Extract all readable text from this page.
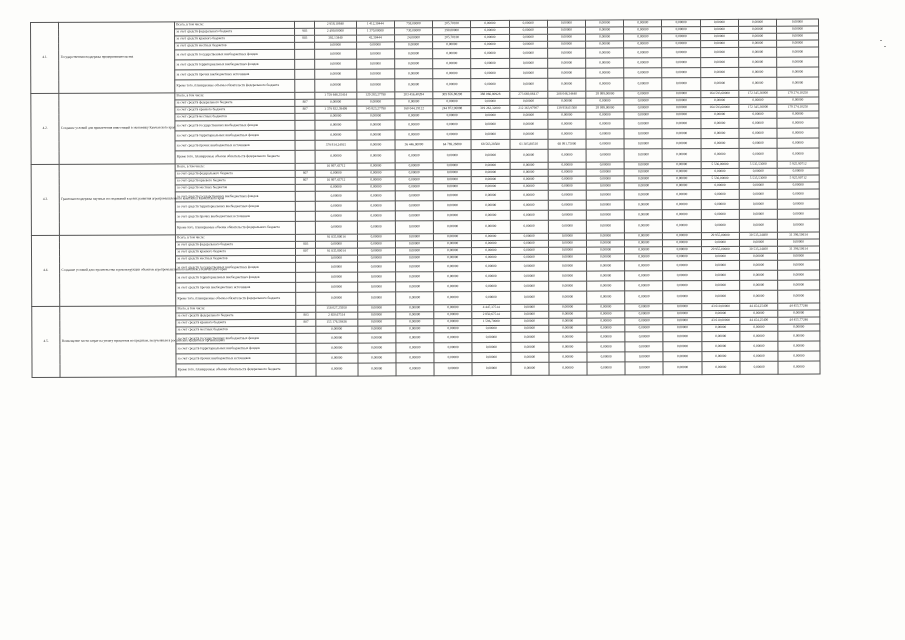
4.1.	Государственная поддержка предпринимательства	Всего, в том числе:		2 958,10840	1 412,30444	758,00000	205,70100	0,00000	0,00000	0,00000	0,00000	0,00000	0,00000	0,00000	0,00000	0,00000
		за счет средств федерального бюджета	903	2 490,00000	1 370,00000	730,00000	390,00000	0,00000	0,00000	0,00000	0,00000	0,00000	0,00000	0,00000	0,00000	0,00000
		за счет средств краевого бюджета	803	392,13440	42,30444	24,00000	205,70100	0,00000	0,00000	0,00000	0,00000	0,00000	0,00000	0,00000	0,00000	0,00000
		за счет средств местных бюджетов		0,00000	0,00000	0,00000	0,00000	0,00000	0,00000	0,00000	0,00000	0,00000	0,00000	0,00000	0,00000	0,00000
		за счет средств государственных внебюджетных фондов		0,00000	0,00000	0,00000	0,00000	0,00000	0,00000	0,00000	0,00000	0,00000	0,00000	0,00000	0,00000	0,00000
		за счет средств территориальных внебюджетных фондов		0,00000	0,00000	0,00000	0,00000	0,00000	0,00000	0,00000	0,00000	0,00000	0,00000	0,00000	0,00000	0,00000
		за счет средств прочих внебюджетных источников		0,00000	0,00000	0,00000	0,00000	0,00000	0,00000	0,00000	0,00000	0,00000	0,00000	0,00000	0,00000	0,00000
		Кроме того, планируемые объемы обязательств федерального бюджета		0,00000	0,00000	0,00000	0,00000	0,00000	0,00000	0,00000	0,00000	0,00000	0,00000	0,00000	0,00000	0,00000
4.2.	Создание условий для привлечения инвестиций в экономику Камчатского края	Всего, в том числе:		1 759 646,35414	129 283,27790	203 456,40284	309 656,88298	388 066,80928	273 669,86417	208 046,34440	28 089,00000	0,00000	0,00000	164 593,60000	172 345,36000	179 274,10250
		за счет средств федерального бюджета	807	0,00000	0,00000	0,00000	0,00000	0,00000	0,00000	0,00000	0,00000	0,00000	0,00000	0,00000	0,00000	0,00000
		за счет средств краевого бюджета	807	1 379 832,39499	145 823,27790	160 044,19122	244 872,96888	319 263,32000	212 363,97907	139 956,01500	28 089,00000	0,00000	0,00000	164 593,60000	172 345,36000	179 274,10250
		за счет средств местных бюджетов		0,00000	0,00000	0,00000	0,00000	0,00000	0,00000	0,00000	0,00000	0,00000	0,00000	0,00000	0,00000	0,00000
		за счет средств государственных внебюджетных фондов		0,00000	0,00000	0,00000	0,00000	0,00000	0,00000	0,00000	0,00000	0,00000	0,00000	0,00000	0,00000	0,00000
		за счет средств территориальных внебюджетных фондов		0,00000	0,00000	0,00000	0,00000	0,00000	0,00000	0,00000	0,00000	0,00000	0,00000	0,00000	0,00000	0,00000
		за счет средств прочих внебюджетных источников		379 814,24915	0,00000	36 446,00000	64 769,26880	68 563,28500	61 305,88510	68 091,75000	0,00000	0,00000	0,00000	0,00000	0,00000	0,00000
		Кроме того, планируемые объемы обязательств федерального бюджета		0,00000	0,00000	0,00000	0,00000	0,00000	0,00000	0,00000	0,00000	0,00000	0,00000	0,00000	0,00000	0,00000
4.3.	Грантовая поддержка научных исследований в целях развития агропромышленного комплекса Камчатского края	Всего, в том числе:		16 997,43712	0,00000	0,00000	0,00000	0,00000	0,00000	0,00000	0,00000	0,00000	0,00000	5 536,00000	5 535,53000	5 925,90712
		за счет средств федерального бюджета	807	0,00000	0,00000	0,00000	0,00000	0,00000	0,00000	0,00000	0,00000	0,00000	0,00000	0,00000	0,00000	0,00000
		за счет средств краевого бюджета	807	16 997,43712	0,00000	0,00000	0,00000	0,00000	0,00000	0,00000	0,00000	0,00000	0,00000	5 536,00000	5 535,53000	5 925,90712
		за счет средств местных бюджетов		0,00000	0,00000	0,00000	0,00000	0,00000	0,00000	0,00000	0,00000	0,00000	0,00000	0,00000	0,00000	0,00000
		за счет средств государственных внебюджетных фондов		0,00000	0,00000	0,00000	0,00000	0,00000	0,00000	0,00000	0,00000	0,00000	0,00000	0,00000	0,00000	0,00000
		за счет средств территориальных внебюджетных фондов		0,00000	0,00000	0,00000	0,00000	0,00000	0,00000	0,00000	0,00000	0,00000	0,00000	0,00000	0,00000	0,00000
		за счет средств прочих внебюджетных источников		0,00000	0,00000	0,00000	0,00000	0,00000	0,00000	0,00000	0,00000	0,00000	0,00000	0,00000	0,00000	0,00000
		Кроме того, планируемые объемы обязательств федерального бюджета		0,00000	0,00000	0,00000	0,00000	0,00000	0,00000	0,00000	0,00000	0,00000	0,00000	0,00000	0,00000	0,00000
4.4.	Создание условий для строительства и реконструкции объектов агропромышленного комплекса Камчатского края	Всего, в том числе:		91 835,80014	0,00000	0,00000	0,00000	0,00000	0,00000	0,00000	0,00000	0,00000	0,00000	29 955,00000	30 535,24400	31 396,50614
		за счет средств федерального бюджета	803	0,00000	0,00000	0,00000	0,00000	0,00000	0,00000	0,00000	0,00000	0,00000	0,00000	0,00000	0,00000	0,00000
		за счет средств краевого бюджета	807	91 835,80014	0,00000	0,00000	0,00000	0,00000	0,00000	0,00000	0,00000	0,00000	0,00000	29 955,00000	30 535,24400	31 396,50614
		за счет средств местных бюджетов		0,00000	0,00000	0,00000	0,00000	0,00000	0,00000	0,00000	0,00000	0,00000	0,00000	0,00000	0,00000	0,00000
		за счет средств государственных внебюджетных фондов		0,00000	0,00000	0,00000	0,00000	0,00000	0,00000	0,00000	0,00000	0,00000	0,00000	0,00000	0,00000	0,00000
		за счет средств территориальных внебюджетных фондов		0,00000	0,00000	0,00000	0,00000	0,00000	0,00000	0,00000	0,00000	0,00000	0,00000	0,00000	0,00000	0,00000
		за счет средств прочих внебюджетных источников		0,00000	0,00000	0,00000	0,00000	0,00000	0,00000	0,00000	0,00000	0,00000	0,00000	0,00000	0,00000	0,00000
		Кроме того, планируемые объемы обязательств федерального бюджета		0,00000	0,00000	0,00000	0,00000	0,00000	0,00000	0,00000	0,00000	0,00000	0,00000	0,00000	0,00000	0,00000
4.5.	Возмещение части затрат на уплату процентов по кредитам, полученным в российских кредитных организациях	Всего, в том числе:		158 027,25950	0,00000	0,00000	0,00000	4 447,37514	0,00000	0,00000	0,00000	0,00000	0,00000	43 610,00000	44 454,25400	44 455,77246
		за счет средств федерального бюджета	803	2 850,67514	0,00000	0,00000	0,00000	2 850,67514	0,00000	0,00000	0,00000	0,00000	0,00000	0,00000	0,00000	0,00000
		за счет средств краевого бюджета	807	155 176,58436	0,00000	0,00000	0,00000	1 596,70000	0,00000	0,00000	0,00000	0,00000	0,00000	43 610,00000	44 454,25400	44 455,77246
		за счет средств местных бюджетов		0,00000	0,00000	0,00000	0,00000	0,00000	0,00000	0,00000	0,00000	0,00000	0,00000	0,00000	0,00000	0,00000
		за счет средств государственных внебюджетных фондов		0,00000	0,00000	0,00000	0,00000	0,00000	0,00000	0,00000	0,00000	0,00000	0,00000	0,00000	0,00000	0,00000
		за счет средств территориальных внебюджетных фондов		0,00000	0,00000	0,00000	0,00000	0,00000	0,00000	0,00000	0,00000	0,00000	0,00000	0,00000	0,00000	0,00000
		за счет средств прочих внебюджетных источников		0,00000	0,00000	0,00000	0,00000	0,00000	0,00000	0,00000	0,00000	0,00000	0,00000	0,00000	0,00000	0,00000
		Кроме того, планируемые объемы обязательств федерального бюджета		0,00000	0,00000	0,00000	0,00000	0,00000	0,00000	0,00000	0,00000	0,00000	0,00000	0,00000	0,00000	0,00000
